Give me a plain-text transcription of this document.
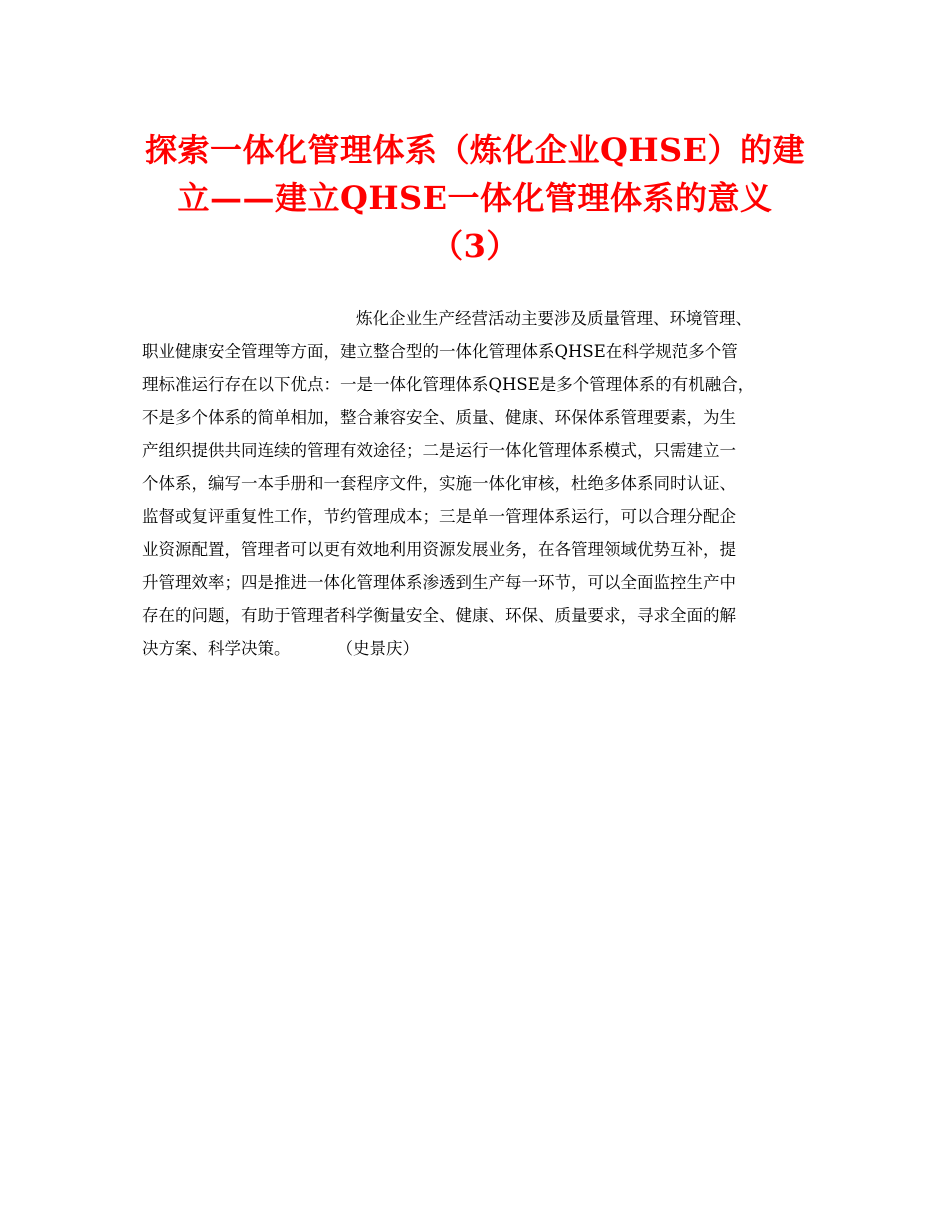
探索一体化管理体系（炼化企业QHSE）的建
立——建立QHSE一体化管理体系的意义
（3）
炼化企业生产经营活动主要涉及质量管理、环境管理、
职业健康安全管理等方面，建立整合型的一体化管理体系QHSE在科学规范多个管
理标准运行存在以下优点：一是一体化管理体系QHSE是多个管理体系的有机融合，
不是多个体系的简单相加，整合兼容安全、质量、健康、环保体系管理要素，为生
产组织提供共同连续的管理有效途径；二是运行一体化管理体系模式，只需建立一
个体系，编写一本手册和一套程序文件，实施一体化审核，杜绝多体系同时认证、
监督或复评重复性工作，节约管理成本；三是单一管理体系运行，可以合理分配企
业资源配置，管理者可以更有效地利用资源发展业务，在各管理领域优势互补，提
升管理效率；四是推进一体化管理体系渗透到生产每一环节，可以全面监控生产中
存在的问题，有助于管理者科学衡量安全、健康、环保、质量要求，寻求全面的解
决方案、科学决策。	（史景庆）
